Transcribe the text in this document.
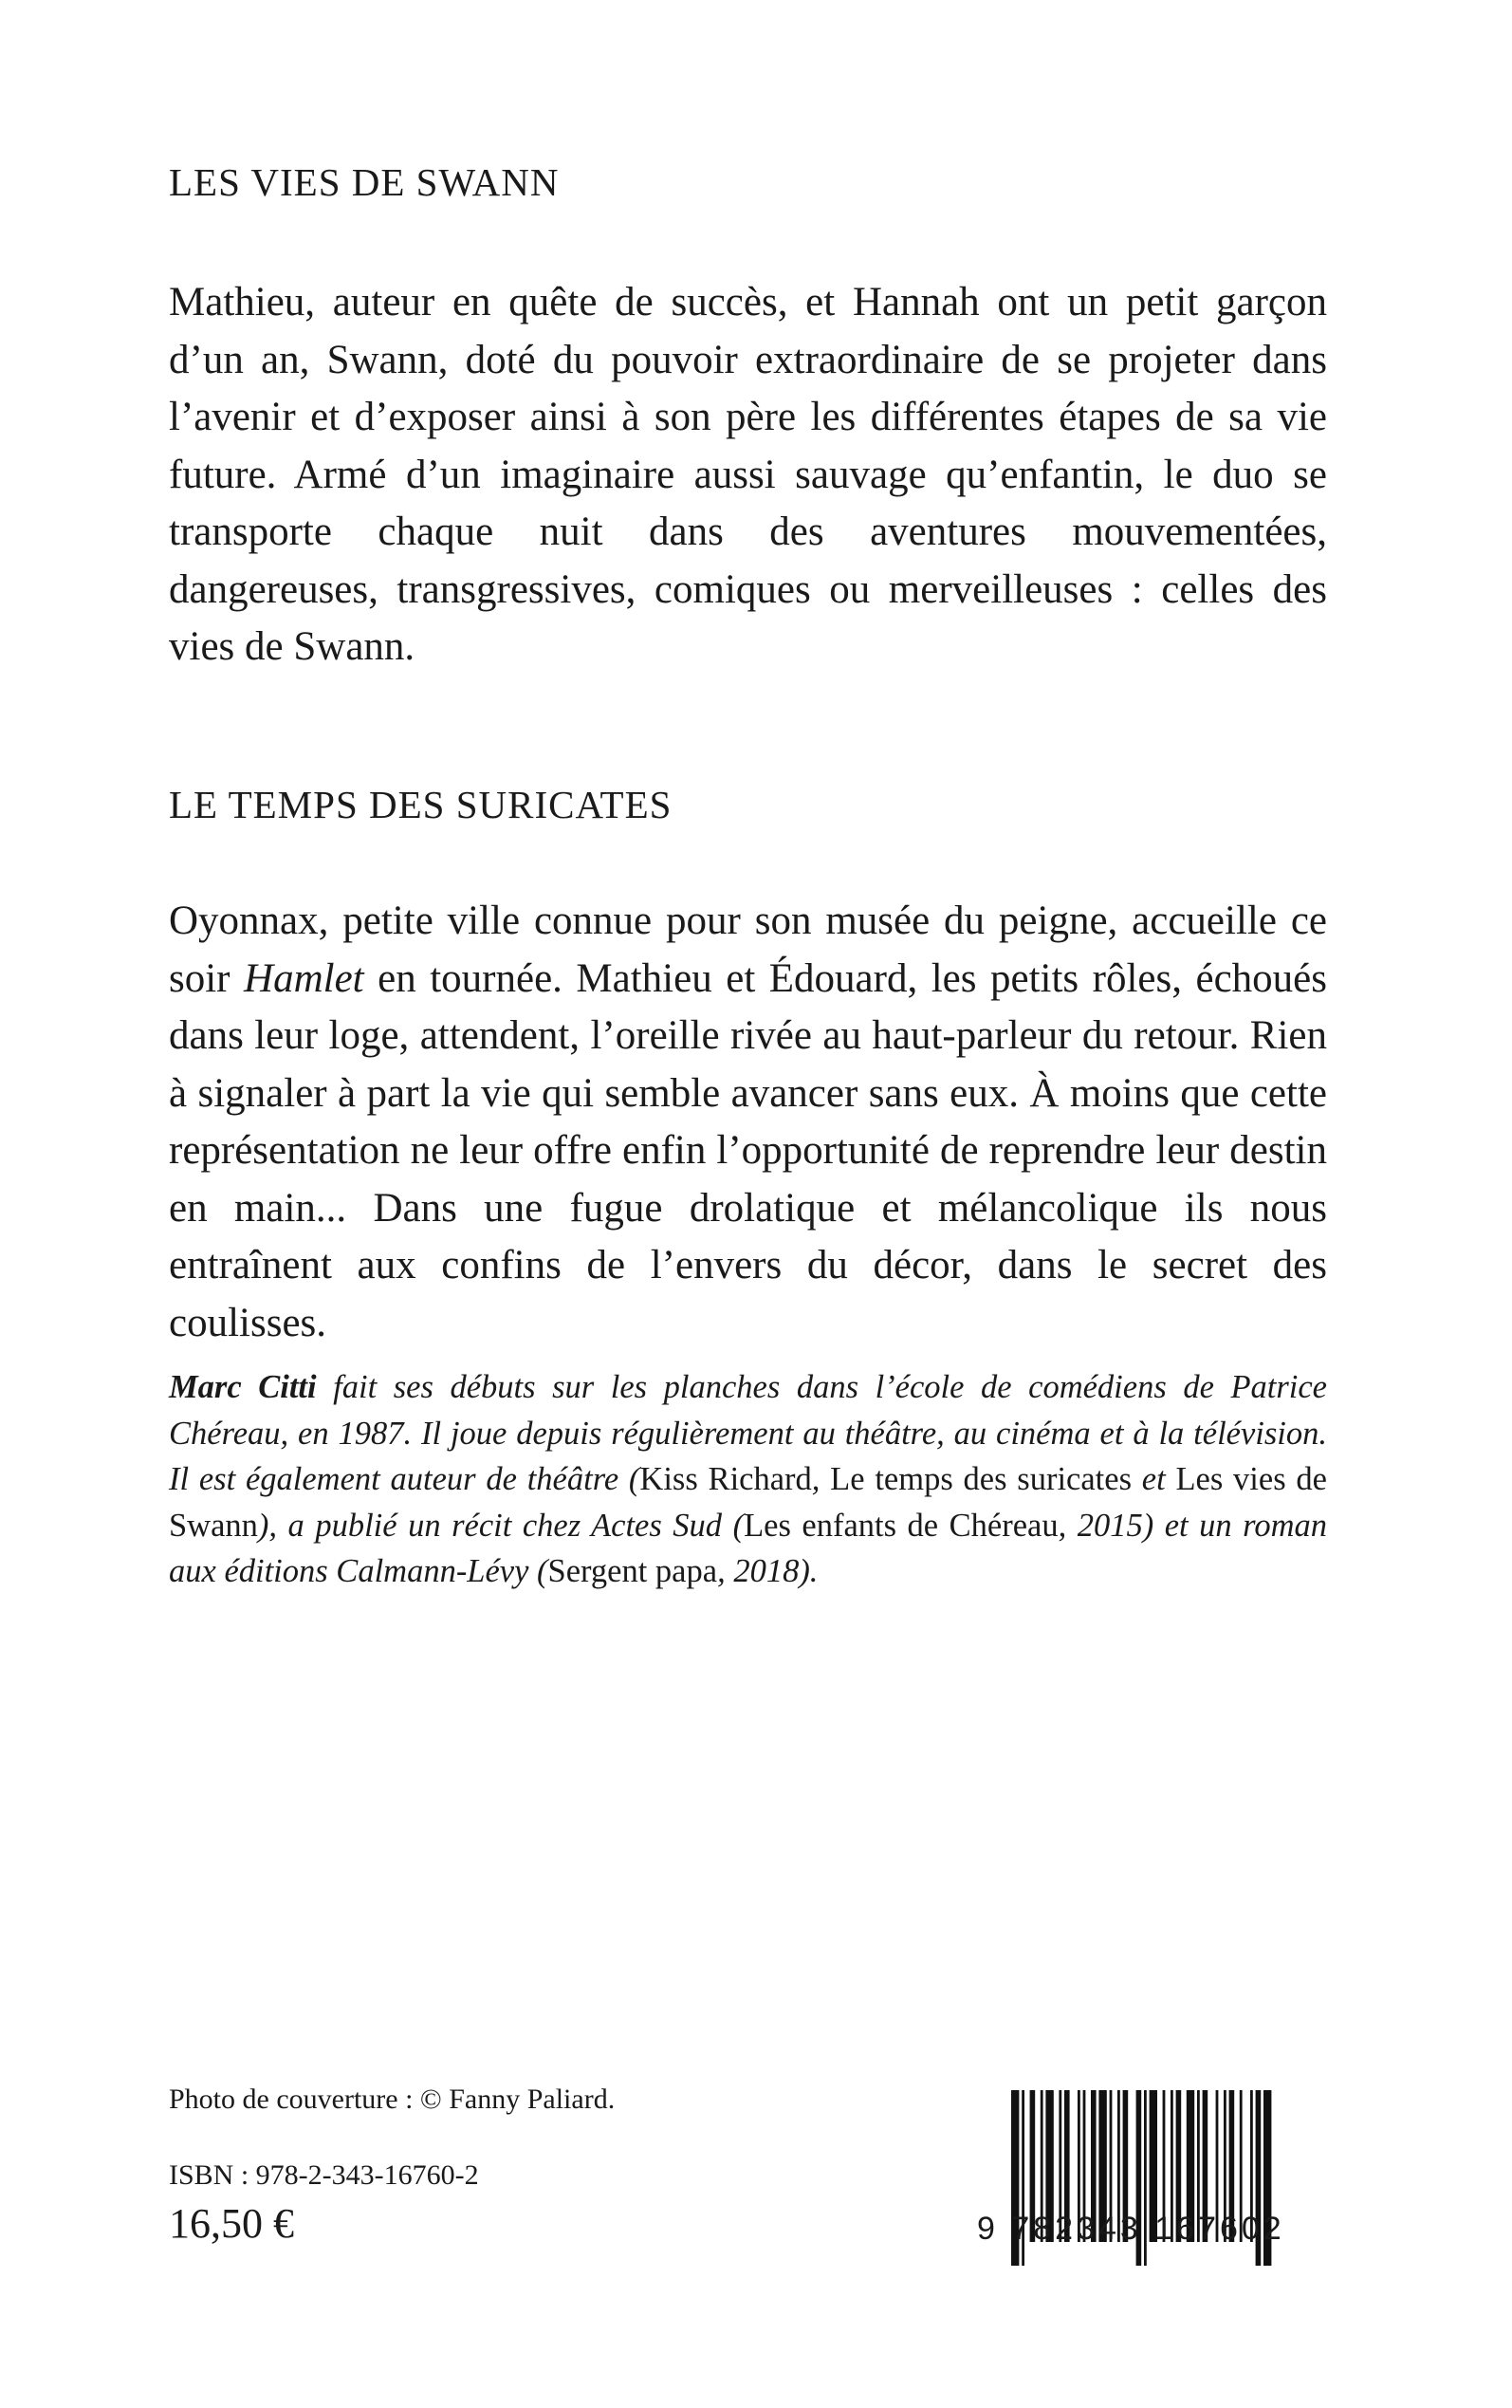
LES VIES DE SWANN

Mathieu, auteur en quête de succès, et Hannah ont un petit garçon d’un an, Swann, doté du pouvoir extraordinaire de se projeter dans l’avenir et d’exposer ainsi à son père les différentes étapes de sa vie future. Armé d’un imaginaire aussi sauvage qu’enfantin, le duo se transporte chaque nuit dans des aventures mouvementées, dangereuses, transgressives, comiques ou merveilleuses : celles des vies de Swann.

LE TEMPS DES SURICATES

Oyonnax, petite ville connue pour son musée du peigne, accueille ce soir Hamlet en tournée. Mathieu et Édouard, les petits rôles, échoués dans leur loge, attendent, l’oreille rivée au haut-parleur du retour. Rien à signaler à part la vie qui semble avancer sans eux. À moins que cette représentation ne leur offre enfin l’opportunité de reprendre leur destin en main... Dans une fugue drolatique et mélancolique ils nous entraînent aux confins de l’envers du décor, dans le secret des coulisses.

Marc Citti fait ses débuts sur les planches dans l’école de comédiens de Patrice Chéreau, en 1987. Il joue depuis régulièrement au théâtre, au cinéma et à la télévision. Il est également auteur de théâtre (Kiss Richard, Le temps des suricates et Les vies de Swann), a publié un récit chez Actes Sud (Les enfants de Chéreau, 2015) et un roman aux éditions Calmann-Lévy (Sergent papa, 2018).

Photo de couverture : © Fanny Paliard.
ISBN : 978-2-343-16760-2
16,50 €	9 782343 167602
